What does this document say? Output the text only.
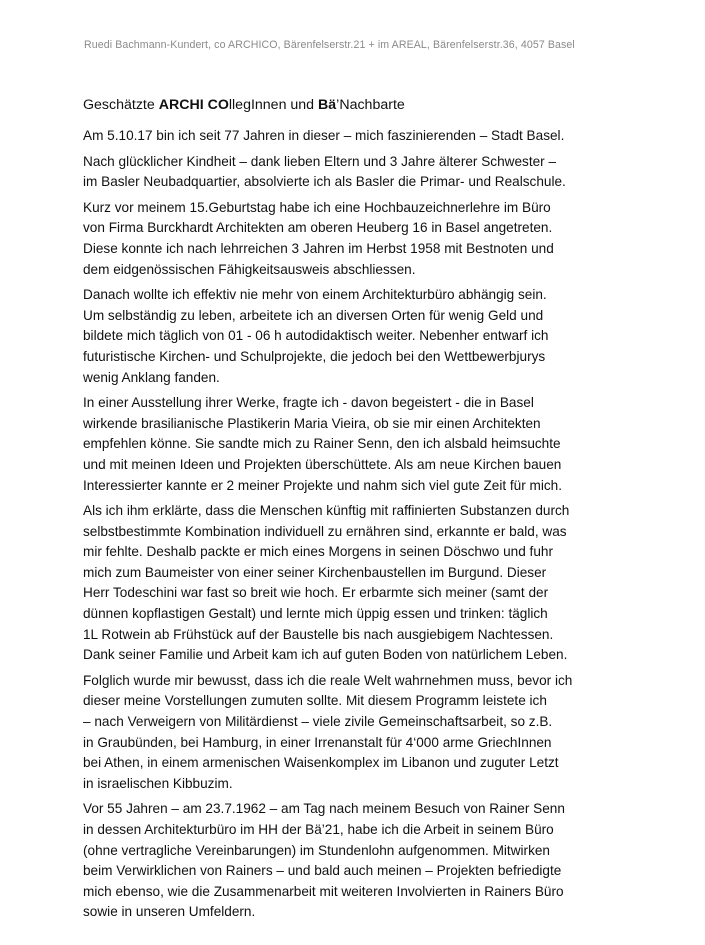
Ruedi Bachmann-Kundert, co ARCHICO, Bärenfelserstr.21 + im AREAL, Bärenfelserstr.36, 4057 Basel
Geschätzte ARCHI COllegInnen und Bä’Nachbarte
Am 5.10.17 bin ich seit 77 Jahren in dieser – mich faszinierenden – Stadt Basel.
Nach glücklicher Kindheit – dank lieben Eltern und 3 Jahre älterer Schwester –
im Basler Neubadquartier, absolvierte ich als Basler die Primar- und Realschule.
Kurz vor meinem 15.Geburtstag habe ich eine Hochbauzeichnerlehre im Büro
von Firma Burckhardt Architekten am oberen Heuberg 16 in Basel angetreten.
Diese konnte ich nach lehrreichen 3 Jahren im Herbst 1958 mit Bestnoten und
dem eidgenössischen Fähigkeitsausweis abschliessen.
Danach wollte ich effektiv nie mehr von einem Architekturbüro abhängig sein.
Um selbständig zu leben, arbeitete ich an diversen Orten für wenig Geld und
bildete mich täglich von 01 - 06 h autodidaktisch weiter. Nebenher entwarf ich
futuristische Kirchen- und Schulprojekte, die jedoch bei den Wettbewerbjurys
wenig Anklang fanden.
In einer Ausstellung ihrer Werke, fragte ich - davon begeistert - die in Basel
wirkende brasilianische Plastikerin Maria Vieira, ob sie mir einen Architekten
empfehlen könne. Sie sandte mich zu Rainer Senn, den ich alsbald heimsuchte
und mit meinen Ideen und Projekten überschüttete. Als am neue Kirchen bauen
Interessierter kannte er 2 meiner Projekte und nahm sich viel gute Zeit für mich.
Als ich ihm erklärte, dass die Menschen künftig mit raffinierten Substanzen durch
selbstbestimmte Kombination individuell zu ernähren sind, erkannte er bald, was
mir fehlte. Deshalb packte er mich eines Morgens in seinen Döschwo und fuhr
mich zum Baumeister von einer seiner Kirchenbaustellen im Burgund. Dieser
Herr Todeschini war fast so breit wie hoch. Er erbarmte sich meiner (samt der
dünnen kopflastigen Gestalt) und lernte mich üppig essen und trinken: täglich
1L Rotwein ab Frühstück auf der Baustelle bis nach ausgiebigem Nachtessen.
Dank seiner Familie und Arbeit kam ich auf guten Boden von natürlichem Leben.
Folglich wurde mir bewusst, dass ich die reale Welt wahrnehmen muss, bevor ich
dieser meine Vorstellungen zumuten sollte. Mit diesem Programm leistete ich
– nach Verweigern von Militärdienst – viele zivile Gemeinschaftsarbeit, so z.B.
in Graubünden, bei Hamburg, in einer Irrenanstalt für 4‘000 arme GriechInnen
bei Athen, in einem armenischen Waisenkomplex im Libanon und zuguter Letzt
in israelischen Kibbuzim.
Vor 55 Jahren – am 23.7.1962 – am Tag nach meinem Besuch von Rainer Senn
in dessen Architekturbüro im HH der Bä’21, habe ich die Arbeit in seinem Büro
(ohne vertragliche Vereinbarungen) im Stundenlohn aufgenommen. Mitwirken
beim Verwirklichen von Rainers – und bald auch meinen – Projekten befriedigte
mich ebenso, wie die Zusammenarbeit mit weiteren Involvierten in Rainers Büro
sowie in unseren Umfeldern.
